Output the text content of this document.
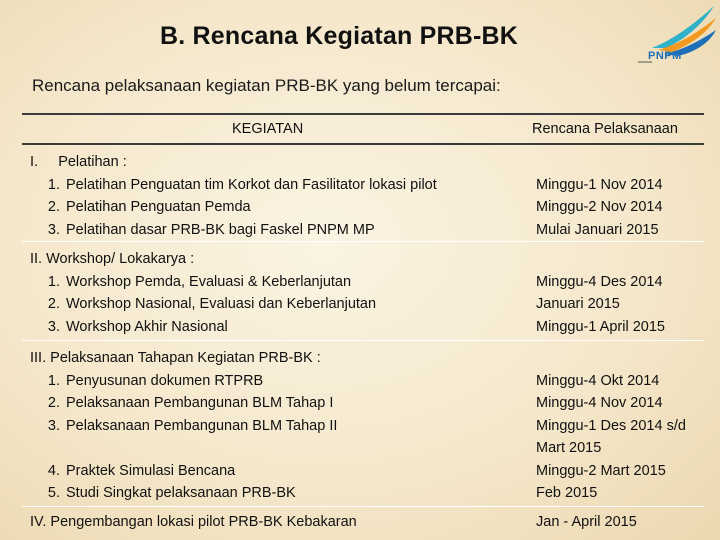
B. Rencana Kegiatan PRB-BK
PNPM
Rencana pelaksanaan kegiatan PRB-BK yang belum tercapai:
KEGIATAN	Rencana Pelaksanaan
I.     Pelatihan :
1. Pelatihan Penguatan tim Korkot dan Fasilitator lokasi pilot
2. Pelatihan Penguatan Pemda
3. Pelatihan dasar PRB-BK bagi Faskel PNPM MP
Minggu-1 Nov 2014
Minggu-2 Nov 2014
Mulai Januari 2015
II. Workshop/ Lokakarya :
1. Workshop Pemda, Evaluasi & Keberlanjutan
2. Workshop Nasional, Evaluasi dan Keberlanjutan
3. Workshop Akhir Nasional
Minggu-4 Des 2014
Januari 2015
Minggu-1 April 2015
III. Pelaksanaan Tahapan Kegiatan PRB-BK :
1. Penyusunan dokumen RTPRB
2. Pelaksanaan Pembangunan BLM Tahap I
3. Pelaksanaan Pembangunan BLM Tahap II
4. Praktek Simulasi Bencana
5. Studi Singkat pelaksanaan PRB-BK
Minggu-4 Okt 2014
Minggu-4 Nov 2014
Minggu-1 Des 2014 s/d
Mart 2015
Minggu-2 Mart 2015
Feb 2015
IV. Pengembangan lokasi pilot PRB-BK Kebakaran	Jan - April 2015
